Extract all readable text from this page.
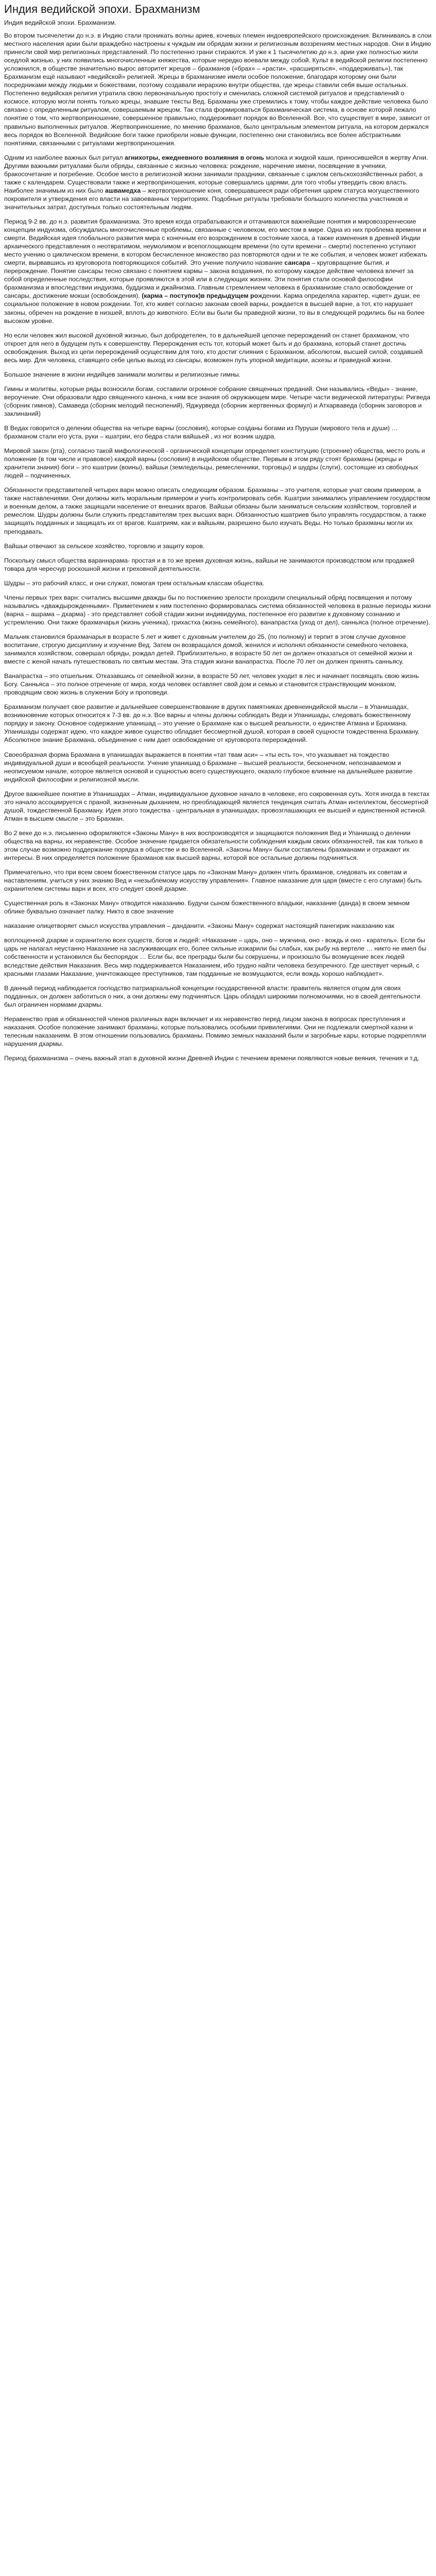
Индия ведийской эпохи. Брахманизм
Индия ведийской эпохи. Брахманизм.

Во втором тысячелетии до н.э. в Индию стали проникать волны ариев, кочевых племен индоевропейского происхождения. Вклиниваясь в слои местного населения арии были враждебно настроены к чуждым им обрядам жизни и религиозным воззрениям местных народов. Они в Индию принесли свой мир религиозных представлений. По постепенно грани стираются. И уже к 1 тысячелетию до н.э. арии уже полностью жили оседлой жизнью, у них появились многочисленные княжества, которые нередко воевали между собой. Культ в ведийской религии постепенно усложнился, в обществе значительно вырос авторитет жрецов – брахманов («брах» – «расти», «расширяться», «поддерживать»), так Брахманизм ещё называют «ведийской» религией. Жрецы в брахманизме имели особое положение, благодаря которому они были посредниками между людьми и божествами, поэтому создавали иерархию внутри общества, где жрецы ставили себя выше остальных. Постепенно ведийская религия утратила свою первоначальную простоту и сменилась сложной системой ритуалов и представлений о космосе, которую могли понять только жрецы, знавшие тексты Вед. Брахманы уже стремились к тому, чтобы каждое действие человека было связано с определенным ритуалом, совершаемым жрецом. Так стала формироваться брахманическая система, в основе которой лежало понятие о том, что жертвоприношение, совершенное правильно, поддерживает порядок во Вселенной. Все, что существует в мире, зависит от правильно выполненных ритуалов. Жертвоприношение, по мнению брахманов, было центральным элементом ритуала, на котором держался весь порядок во Вселенной. Ведийские боги также приобрели новые функции, постепенно они становились все более абстрактными понятиями, связанными с ритуалами жертвоприношения.

Одним из наиболее важных был ритуал агнихотры, ежедневного возлияния в огонь молока и жидкой каши, приносившейся в жертву Агни. Другими важными ритуалами были обряды, связанные с жизнью человека: рождение, наречение имени, посвящение в ученики, бракосочетание и погребение. Особое место в религиозной жизни занимали праздники, связанные с циклом сельскохозяйственных работ, а также с календарем. Существовали также и жертвоприношения, которые совершались царями, для того чтобы утвердить свою власть. Наиболее значимым из них было ашвамедха – жертвоприношение коня, совершавшееся ради обретения царем статуса могущественного покровителя и утверждения его власти на завоеванных территориях. Подобные ритуалы требовали большого количества участников и значительных затрат, доступных только состоятельным людям.

Период 9-2 вв. до н.э. развития брахманизма. Это время когда отрабатываются и оттачиваются важнейшие понятия и мировоззренческие концепции индуизма, обсуждались многочисленные проблемы, связанные с человеком, его местом в мире. Одна из них проблема времени и смерти. Ведийская идея глобального развития мира с конечным его возрождением в состояние хаоса, а также изменения в древней Индии архаического представления о неотвратимом, неумолимом и всепоглощающем времени (по сути времени – смерти) постепенно уступают место учению о циклическом времени, в котором бесчисленное множество раз повторяются одни и те же события, и человек может избежать смерти, вырвавшись из круговорота повторяющихся событий. Это учение получило название сансара – круговращение бытия, и перерождение. Понятие сансары тесно связано с понятием кармы – закона воздаяния, по которому каждое действие человека влечет за собой определенные последствия, которые проявляются в этой или в следующих жизнях. Эти понятия стали основой философии брахманизма и впоследствии индуизма, буддизма и джайнизма. Главным стремлением человека в брахманизме стало освобождение от сансары, достижение мокши (освобождения). (карма – поступок)в предыдущем рождении. Карма определяла характер, «цвет» души, ее социальное положение в новом рождении. Тот, кто живет согласно законам своей варны, рождается в высшей варне, а тот, кто нарушает законы, обречен на рождение в низшей, вплоть до животного. Если вы были бы праведной жизни, то вы в следующей родились бы на более высоком уровне.

Но если человек жил высокой духовной жизнью, был добродетелен, то в дальнейшей цепочке перерождений он станет брахманом, что откроет для него в будущем путь к совершенству. Перерождения есть тот, который может быть и до брахмана, который станет достичь освобождения. Выход из цепи перерождений осуществим для того, кто достиг слияния с Брахманом, абсолютом, высшей силой, создавшей весь мир. Для человека, ставящего себе целью выход из сансары, возможен путь упорной медитации, аскезы и праведной жизни.

Большое значение в жизни индийцев занимали молитвы и религиозные гимны.

Гимны и молитвы, которые ряды возносили богам, составили огромное собрание священных преданий. Они назывались «Веды» - знание, вероучение. Они образовали ядро священного канона, к ним все знания об окружающем мире. Четыре части ведической литературы: Ригведа (сборник гимнов), Самаведа (сборник мелодий песнопений), Яджурведа (сборник жертвенных формул) и Атхарваведа (сборник заговоров и заклинаний)

В Ведах говорится о делении общества на четыре варны (сословия), которые созданы богами из Пуруши (мирового тела и души) … брахманом стали его уста, руки – кшатрии, его бедра стали вайшьей , из ног возник шудра.

Мировой закон (рта), согласно такой мифологической - органической концепции определяет конституцию (строение) общества, место роль и положение (в том числе и правовое) каждой варны (сословия) в индийском обществе. Первым в этом ряду стоят брахманы (жрецы и хранители знания) боги – это кшатрии (воины), вайшьи (земледельцы, ремесленники, торговцы) и шудры (слуги), состоящие из свободных людей – подчиненных.

Обязанности представителей четырех варн можно описать следующим образом. Брахманы – это учителя, которые учат своим примером, а также наставлениями. Они должны жить моральным примером и учить контролировать себя. Кшатрии занимались управлением государством и военным делом, а также защищали население от внешних врагов. Вайшьи обязаны были заниматься сельским хозяйством, торговлей и ремеслом. Шудры должны были служить представителям трех высших варн. Обязанностью кшатриев было управлять государством, а также защищать подданных и защищать их от врагов. Кшатриям, как и вайшьям, разрешено было изучать Веды. Но только брахманы могли их преподавать.

Вайшьи отвечают за сельское хозяйство, торговлю и защиту коров.

Поскольку смысл общества вараннарама- простая и в то же время духовная жизнь, вайшьи не занимаются производством или продажей товара для чересчур роскошной жизни и греховной деятельности.

Шудры – это рабочий класс, и они служат, помогая трем остальным классам общества.

Члены первых трех варн: считались высшими дважды бы по постижению зрелости проходили специальный обряд посвящения и потому назывались «дваждырожденными». Приметением к ним постепенно формировалась система обязанностей человека в разные периоды жизни (варна – ашрама – дхарма) - это представляет собой стадии жизни индивидуума, постепенное его развитие к духовному сознанию и устремлению. Они также брахмачарья (жизнь ученика), грихастха (жизнь семейного), ванапрастха (уход от дел), санньяса (полное отречение).

Мальчик становился брахмачарья в возрасте 5 лет и живет с духовным учителем до 25, (по полному) и терпит в этом случае духовное воспитание, строгую дисциплину и изучение Вед. Затем он возвращался домой, женился и исполнял обязанности семейного человека, занимался хозяйством, совершал обряды, рождал детей. Приблизительно, в возрасте 50 лет он должен отказаться от семейной жизни и вместе с женой начать путешествовать по святым местам. Эта стадия жизни ванапрастха. После 70 лет он должен принять санньясу.

Ванапрастха – это отшельник. Отказавшись от семейной жизни, в возрасте 50 лет, человек уходит в лес и начинает посвящать свою жизнь Богу. Санньяса – это полное отречение от мира, когда человек оставляет свой дом и семью и становится странствующим монахом, проводящим свою жизнь в служении Богу и проповеди.

Брахманизм получает свое развитие и дальнейшее совершенствование в других памятниках древнеиндийской мысли – в Упанишадах, возникновение которых относится к 7-3 вв. до н.э. Все варны и члены должны соблюдать Веди и Упанишады, следовать божественному порядку и закону. Основное содержание упанишад – это учение о Брахмане как о высшей реальности, о единстве Атмана и Брахмана. Упанишады содержат идею, что каждое живое существо обладает бессмертной душой, которая в своей сущности тождественна Брахману. Абсолютное знание Брахмана, объединение с ним дает освобождение от круговорота перерождений.

Своеобразная форма Брахмана в упанишадах выражается в понятии «тат твам аси» – «ты есть то», что указывает на тождество индивидуальной души и всеобщей реальности. Учение упанишад о Брахмане – высшей реальности, бесконечном, непознаваемом и неописуемом начале, которое является основой и сущностью всего существующего, оказало глубокое влияние на дальнейшее развитие индийской философии и религиозной мысли.

Другое важнейшее понятие в Упанишадах – Атман, индивидуальное духовное начало в человеке, его сокровенная суть. Хотя иногда в текстах это начало ассоциируется с праной, жизненным дыханием, но преобладающей является тенденция считать Атман интеллектом, бессмертной душой, тождественной Брахману. Идея этого тождества - центральная в упанишадах, провозглашающих ее высшей и единственной истиной. Атман в высшем смысле – это Брахман.

Во 2 веке до н.э. письменно оформляются «Законы Ману» в них воспроизводятся и защищаются положения Вед и Упанишад о делении общества на варны, их неравенстве. Особое значение придается обязательности соблюдения каждым своих обязанностей, так как только в этом случае возможно поддержание порядка в обществе и во Вселенной. «Законы Ману» были составлены брахманами и отражают их интересы. В них определяется положение брахманов как высшей варны, которой все остальные должны подчиняться.

Примечательно, что при всем своем божественном статусе царь по «Законам Ману» должен чтить брахманов, следовать их советам и наставлениям, учиться у них знанию Вед и «незыблемому искусству управления». Главное наказание для царя (вместе с его слугами) быть охранителем системы варн и всех, кто следует своей дхарме.

Существенная роль в «Законах Ману» отводится наказанию. Будучи сыном божественного владыки, наказание (данда) в своем земном облике буквально означает палку. Никто в свое значение

наказание олицетворяет смысл искусства управления – данданити. «Законы Ману» содержат настоящий панегирик наказанию как

воплощенной дхарме и охранителю всех существ, богов и людей: «Наказание – царь, оно – мужчина, оно - вождь и оно - каратель». Если бы царь не налагал неустанно Наказание на заслуживающих его, более сильные изжарили бы слабых, как рыбу на вертеле … никто не имел бы собственности и установился бы беспорядок … Если бы, все преграды были бы сокрушены, и произошло бы возмущение всех людей вследствие действия Наказания. Весь мир поддерживается Наказанием, ибо трудно найти человека безупречного. Где шествует черный, с красными глазами Наказание, уничтожающее преступников, там подданные не возмущаются, если вождь хорошо наблюдает».

В данный период наблюдается господство патриархальной концепции государственной власти: правитель является отцом для своих подданных, он должен заботиться о них, а они должны ему подчиняться. Царь обладал широкими полномочиями, но в своей деятельности был ограничен нормами дхармы.

Неравенство прав и обязанностей членов различных варн включает и их неравенство перед лицом закона в вопросах преступления и наказания. Особое положение занимают брахманы, которые пользовались особыми привилегиями. Они не подлежали смертной казни и телесным наказаниям. В этом отношении пользовались брахманы. Помимо земных наказаний были и загробные кары, которые подкрепляли нарушения дхармы.

Период брахманизма – очень важный этап в духовной жизни Древней Индии с течением времени появляются новые веяния, течения и т.д.
